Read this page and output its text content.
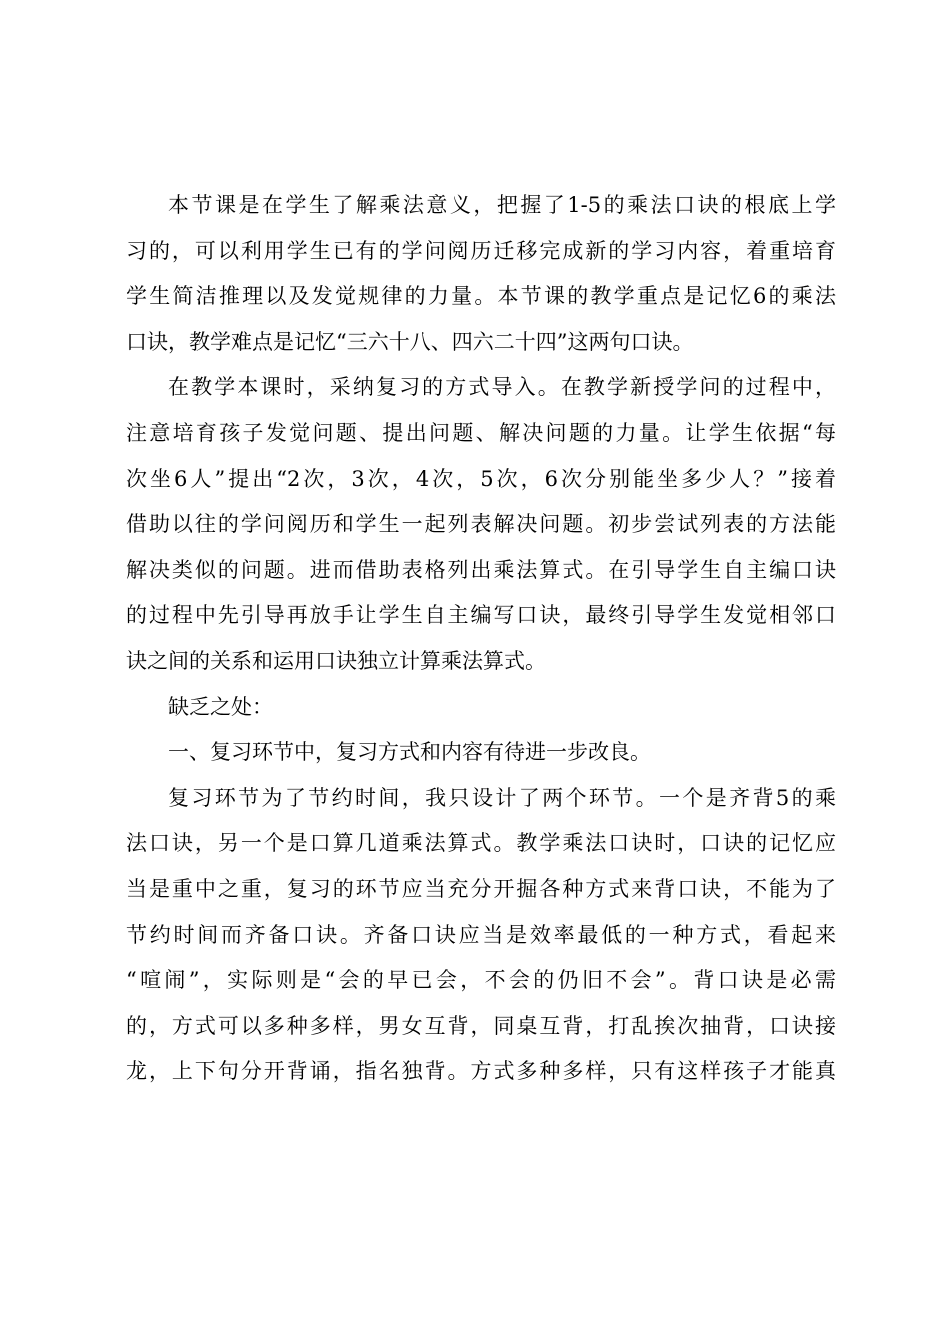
本节课是在学生了解乘法意义，把握了1-5的乘法口诀的根底上学
习的，可以利用学生已有的学问阅历迁移完成新的学习内容，着重培育
学生简洁推理以及发觉规律的力量。本节课的教学重点是记忆6的乘法
口诀，教学难点是记忆“三六十八、四六二十四”这两句口诀。
在教学本课时，采纳复习的方式导入。在教学新授学问的过程中，
注意培育孩子发觉问题、提出问题、解决问题的力量。让学生依据“每
次坐6人”提出“2次，3次，4次，5次，6次分别能坐多少人？”接着
借助以往的学问阅历和学生一起列表解决问题。初步尝试列表的方法能
解决类似的问题。进而借助表格列出乘法算式。在引导学生自主编口诀
的过程中先引导再放手让学生自主编写口诀，最终引导学生发觉相邻口
诀之间的关系和运用口诀独立计算乘法算式。
缺乏之处：
一、复习环节中，复习方式和内容有待进一步改良。
复习环节为了节约时间，我只设计了两个环节。一个是齐背5的乘
法口诀，另一个是口算几道乘法算式。教学乘法口诀时，口诀的记忆应
当是重中之重，复习的环节应当充分开掘各种方式来背口诀，不能为了
节约时间而齐备口诀。齐备口诀应当是效率最低的一种方式，看起来
“喧闹”，实际则是“会的早已会，不会的仍旧不会”。背口诀是必需
的，方式可以多种多样，男女互背，同桌互背，打乱挨次抽背，口诀接
龙，上下句分开背诵，指名独背。方式多种多样，只有这样孩子才能真
